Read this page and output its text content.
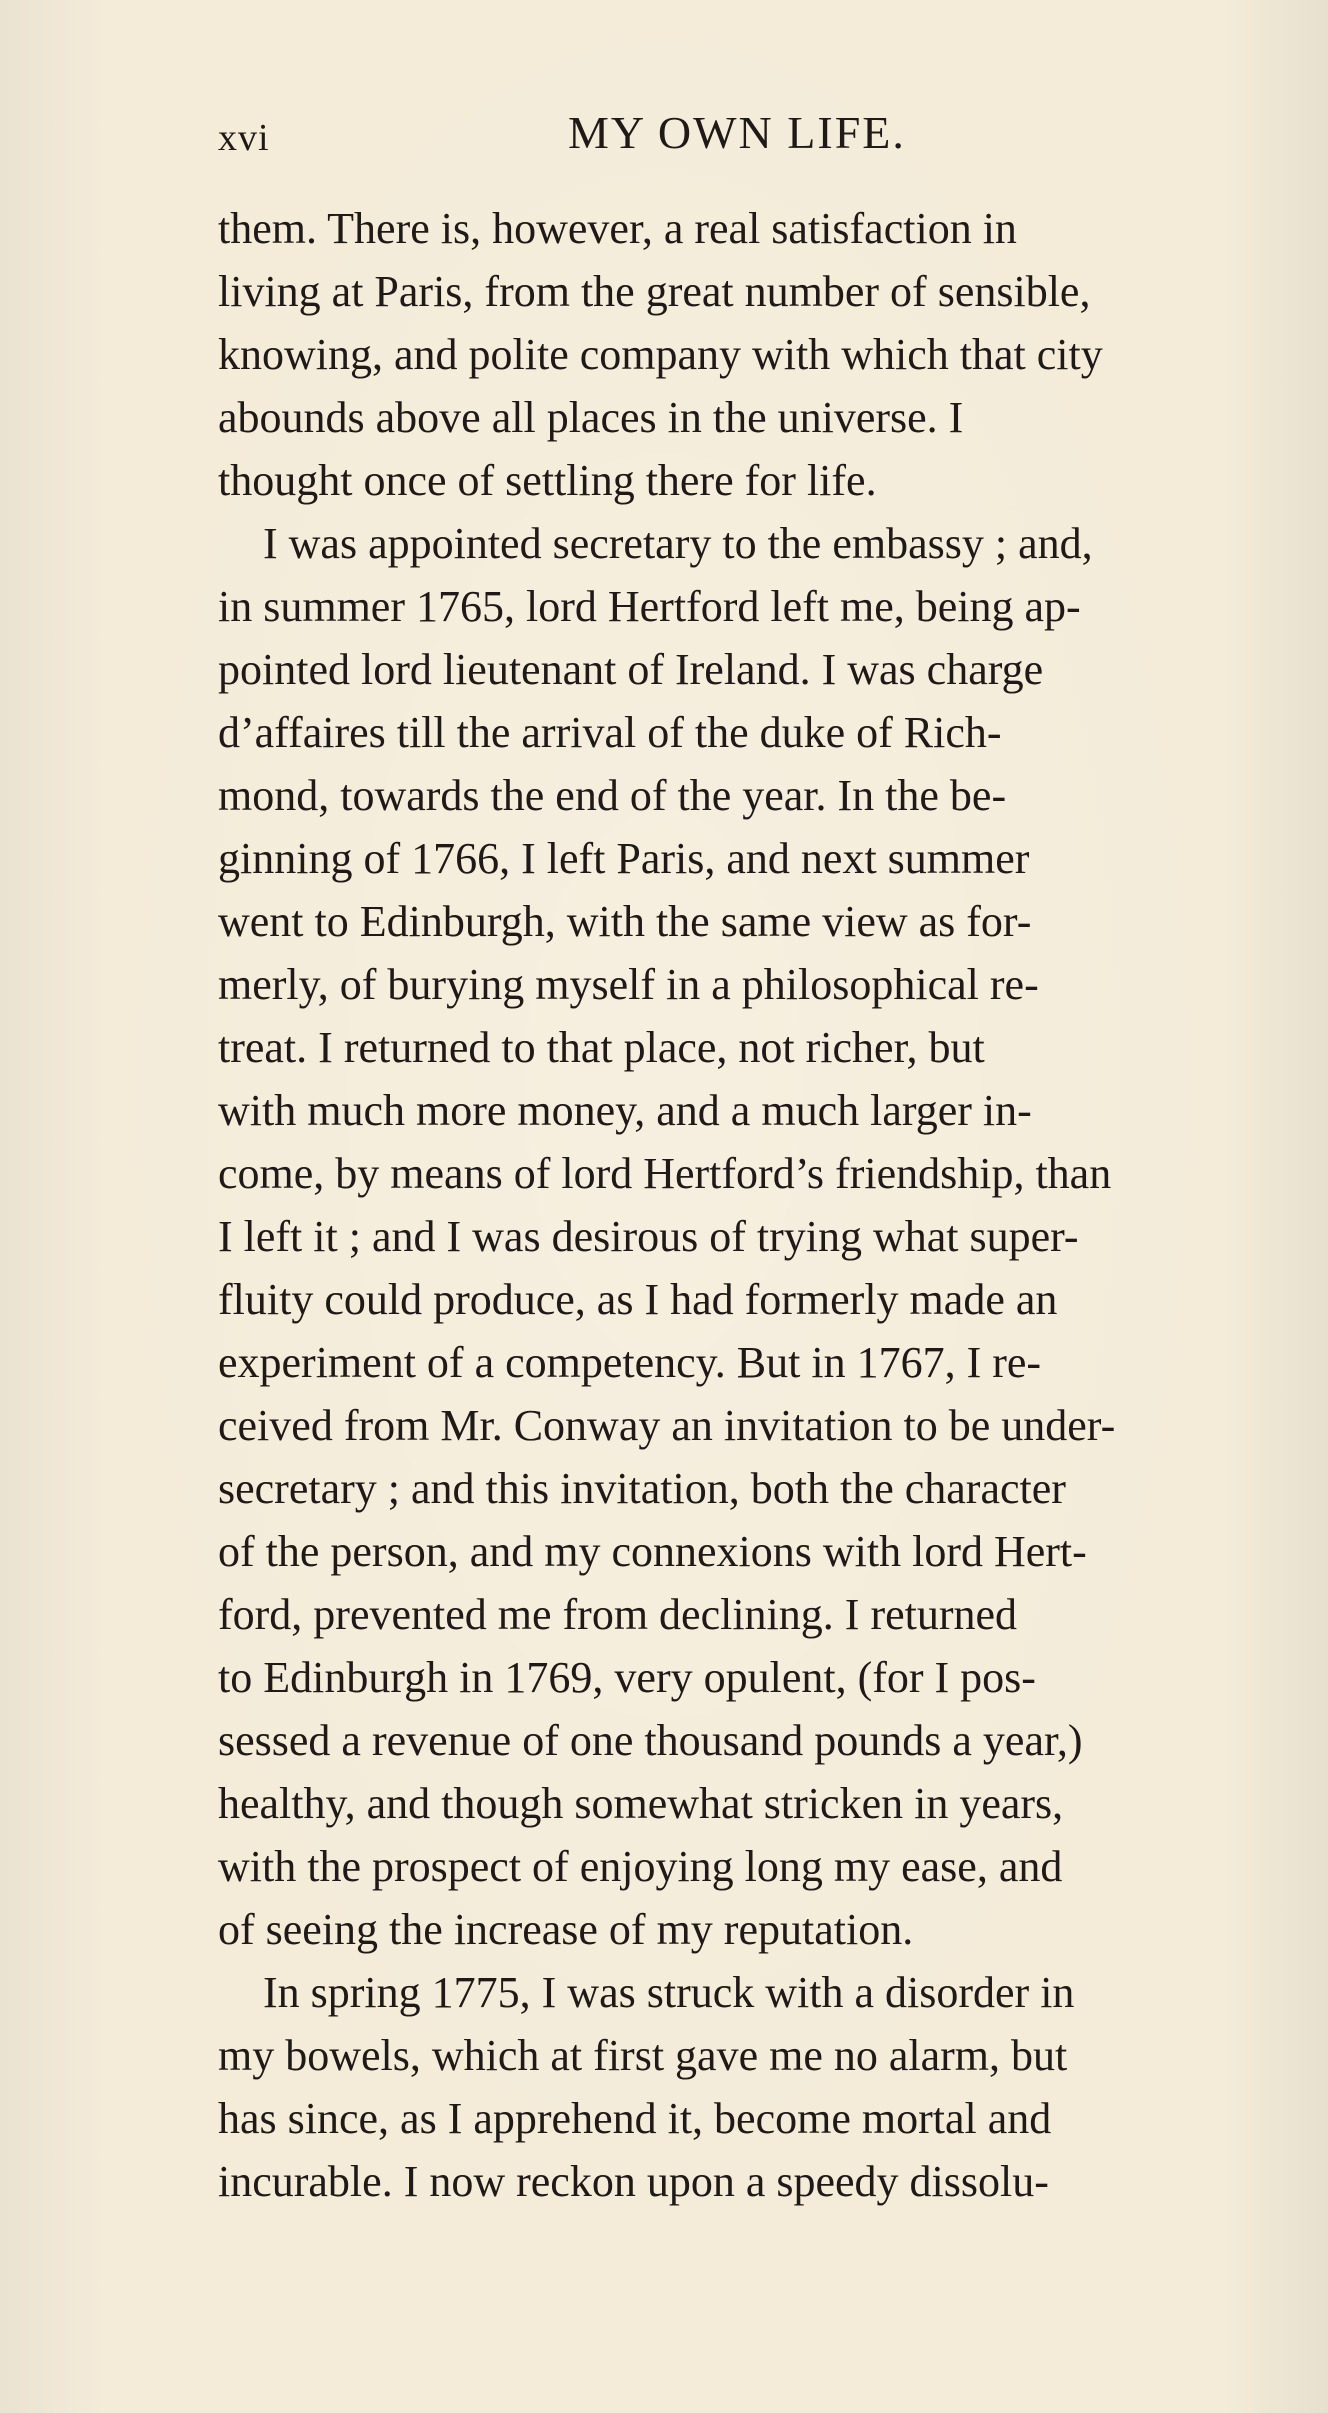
xvi	MY OWN LIFE.
them. There is, however, a real satisfaction in
living at Paris, from the great number of sensible,
knowing, and polite company with which that city
abounds above all places in the universe. I
thought once of settling there for life.
I was appointed secretary to the embassy ; and,
in summer 1765, lord Hertford left me, being ap-
pointed lord lieutenant of Ireland. I was charge
d’affaires till the arrival of the duke of Rich-
mond, towards the end of the year. In the be-
ginning of 1766, I left Paris, and next summer
went to Edinburgh, with the same view as for-
merly, of burying myself in a philosophical re-
treat. I returned to that place, not richer, but
with much more money, and a much larger in-
come, by means of lord Hertford’s friendship, than
I left it ; and I was desirous of trying what super-
fluity could produce, as I had formerly made an
experiment of a competency. But in 1767, I re-
ceived from Mr. Conway an invitation to be under-
secretary ; and this invitation, both the character
of the person, and my connexions with lord Hert-
ford, prevented me from declining. I returned
to Edinburgh in 1769, very opulent, (for I pos-
sessed a revenue of one thousand pounds a year,)
healthy, and though somewhat stricken in years,
with the prospect of enjoying long my ease, and
of seeing the increase of my reputation.
In spring 1775, I was struck with a disorder in
my bowels, which at first gave me no alarm, but
has since, as I apprehend it, become mortal and
incurable. I now reckon upon a speedy dissolu-
